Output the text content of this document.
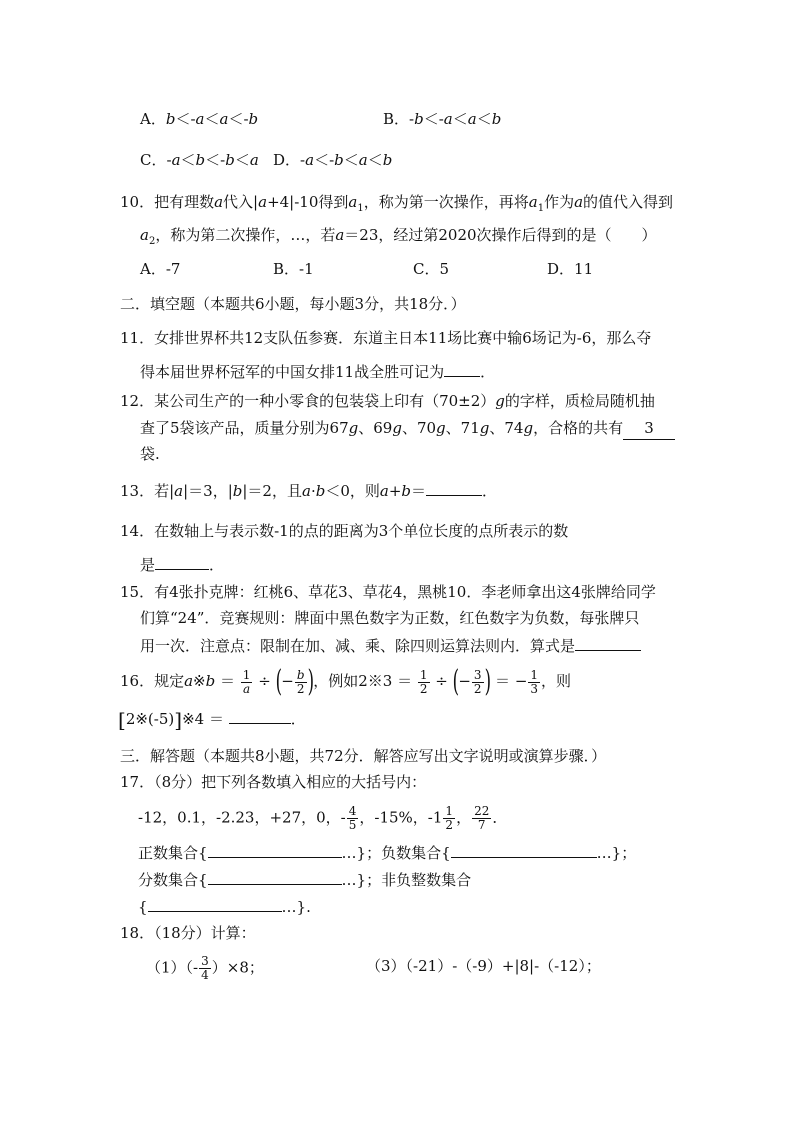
A．b＜-a＜a＜-b	B．-b＜-a＜a＜b
C．-a＜b＜-b＜a D．-a＜-b＜a＜b
10．把有理数a代入|a+4|-10得到$a_1$，称为第一次操作，再将$a_1$作为a的值代入得到
$a_2$，称为第二次操作，…，若a＝23，经过第2020次操作后得到的是（　　）
A．-7	B．-1	C．5	D．11
二．填空题（本题共6小题，每小题3分，共18分．）
11．女排世界杯共12支队伍参赛．东道主日本11场比赛中输6场记为-6，那么夺
得本届世界杯冠军的中国女排11战全胜可记为 ．
12．某公司生产的一种小零食的包装袋上印有（70±2）g的字样，质检局随机抽
查了5袋该产品，质量分别为67g、69g、70g、71g、74g，合格的共有 3
袋.
13．若|a|＝3，|b|＝2，且a·b＜0，则a+b＝	．
14．在数轴上与表示数-1的点的距离为3个单位长度的点所表示的数
是	．
15．有4张扑克牌：红桃6、草花3、草花4，黑桃10．李老师拿出这4张牌给同学
们算“24”．竞赛规则：牌面中黑色数字为正数，红色数字为负数，每张牌只
用一次．注意点：限制在加、减、乘、除四则运算法则内．算式是
16．规定a※b ＝ $\frac{1}{a}$ ÷ (− $\frac{b}{2}$ )，例如2※3 ＝ $\frac{1}{2}$ ÷ (− $\frac{3}{2}$ ) ＝ − $\frac{1}{3}$ ，则
[2※(-5)]※4 ＝	．
三．解答题（本题共8小题，共72分．解答应写出文字说明或演算步骤．）
17．（8分）把下列各数填入相应的大括号内：
-12，0.1，-2.23，+27，0，- $\frac{4}{5}$ ，-15%，$-1 \frac{1}{2}$ ， $\frac{22}{7}$ ．
正数集合{	…}；负数集合{	…}；
分数集合{	…}；非负整数集合
{	…}.
18．（18分）计算：
$(1)(- \frac{3}{4} )\times 8$；	（3）（-21）-（-9）+|8|-（-12）；
